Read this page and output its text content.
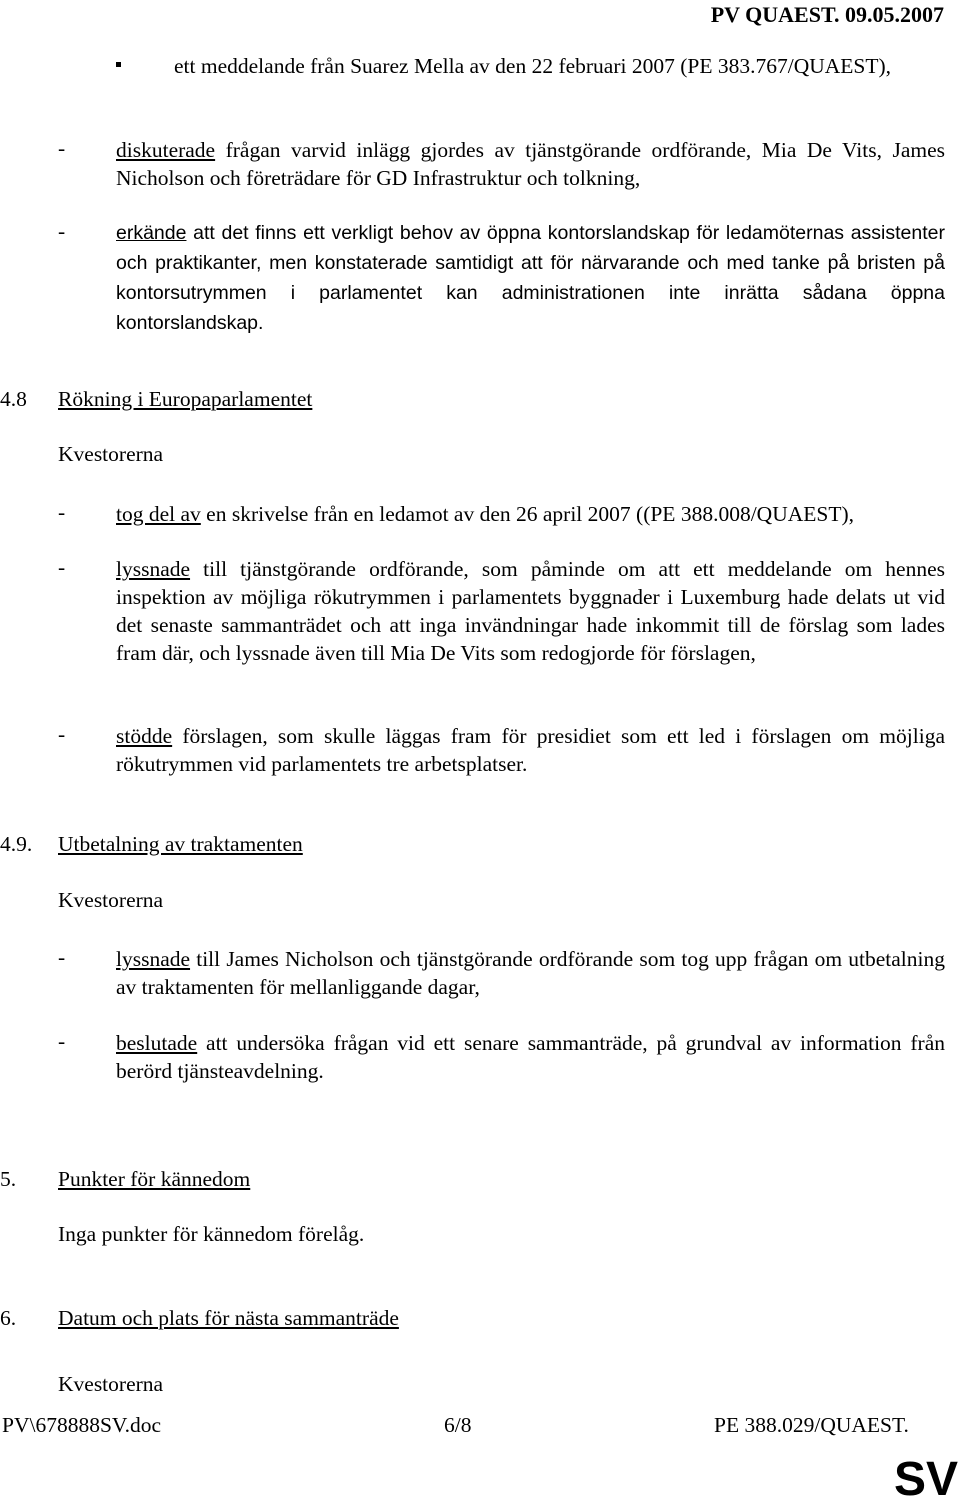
PV QUAEST. 09.05.2007
ett meddelande från Suarez Mella av den 22 februari 2007 (PE 383.767/QUAEST),
- diskuterade frågan varvid inlägg gjordes av tjänstgörande ordförande, Mia De Vits, James Nicholson och företrädare för GD Infrastruktur och tolkning,
-	erkände att det finns ett verkligt behov av öppna kontorslandskap för ledamöternas assistenter och praktikanter, men konstaterade samtidigt att för närvarande och med tanke på bristen på kontorsutrymmen i parlamentet kan administrationen inte inrätta sådana öppna kontorslandskap.
4.8 Rökning i Europaparlamentet
Kvestorerna
- tog del av en skrivelse från en ledamot av den 26 april 2007 ((PE 388.008/QUAEST),
- lyssnade till tjänstgörande ordförande, som påminde om att ett meddelande om hennes inspektion av möjliga rökutrymmen i parlamentets byggnader i Luxemburg hade delats ut vid det senaste sammanträdet och att inga invändningar hade inkommit till de förslag som lades fram där, och lyssnade även till Mia De Vits som redogjorde för förslagen,
- stödde förslagen, som skulle läggas fram för presidiet som ett led i förslagen om möjliga rökutrymmen vid parlamentets tre arbetsplatser.
4.9. Utbetalning av traktamenten
Kvestorerna
- lyssnade till James Nicholson och tjänstgörande ordförande som tog upp frågan om utbetalning av traktamenten för mellanliggande dagar,
- beslutade att undersöka frågan vid ett senare sammanträde, på grundval av information från berörd tjänsteavdelning.
5. Punkter för kännedom
Inga punkter för kännedom förelåg.
6. Datum och plats för nästa sammanträde
Kvestorerna
PV\678888SV.doc	6/8	PE 388.029/QUAEST.
SV
